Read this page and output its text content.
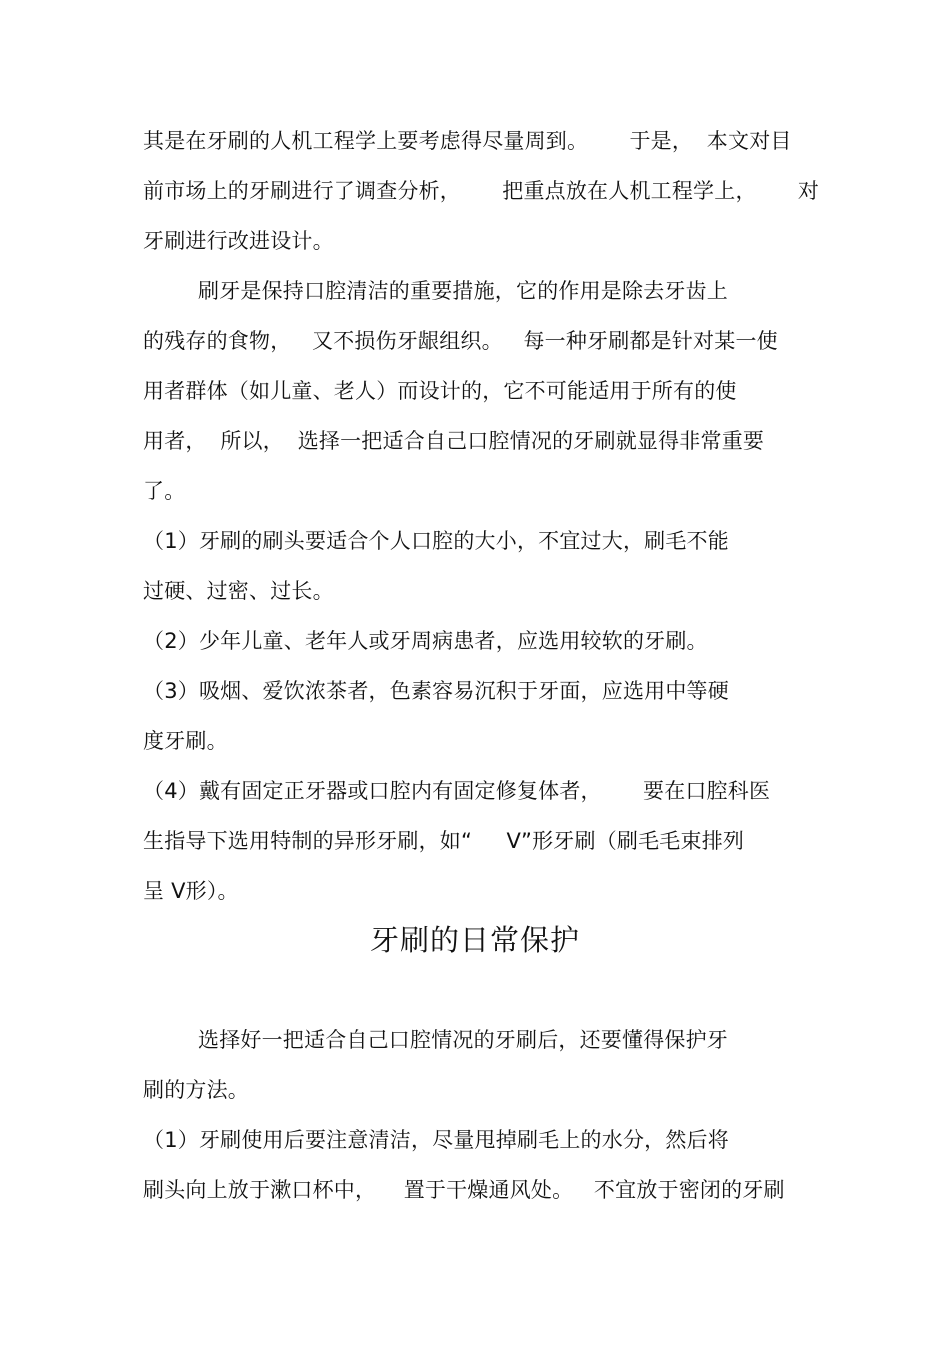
其是在牙刷的人机工程学上要考虑得尽量周到。      于是，  本文对目
前市场上的牙刷进行了调查分析，      把重点放在人机工程学上，      对
牙刷进行改进设计。
刷牙是保持口腔清洁的重要措施，它的作用是除去牙齿上
的残存的食物，   又不损伤牙龈组织。   每一种牙刷都是针对某一使
用者群体（如儿童、老人）而设计的，它不可能适用于所有的使
用者，  所以，  选择一把适合自己口腔情况的牙刷就显得非常重要
了。
（1）牙刷的刷头要适合个人口腔的大小，不宜过大，刷毛不能
过硬、过密、过长。
（2）少年儿童、老年人或牙周病患者，应选用较软的牙刷。
（3）吸烟、爱饮浓茶者，色素容易沉积于牙面，应选用中等硬
度牙刷。
（4）戴有固定正牙器或口腔内有固定修复体者，      要在口腔科医
生指导下选用特制的异形牙刷，如“     V”形牙刷（刷毛毛束排列
呈 V形）。
牙刷的日常保护
选择好一把适合自己口腔情况的牙刷后，还要懂得保护牙
刷的方法。
（1）牙刷使用后要注意清洁，尽量甩掉刷毛上的水分，然后将
刷头向上放于漱口杯中，    置于干燥通风处。   不宜放于密闭的牙刷
